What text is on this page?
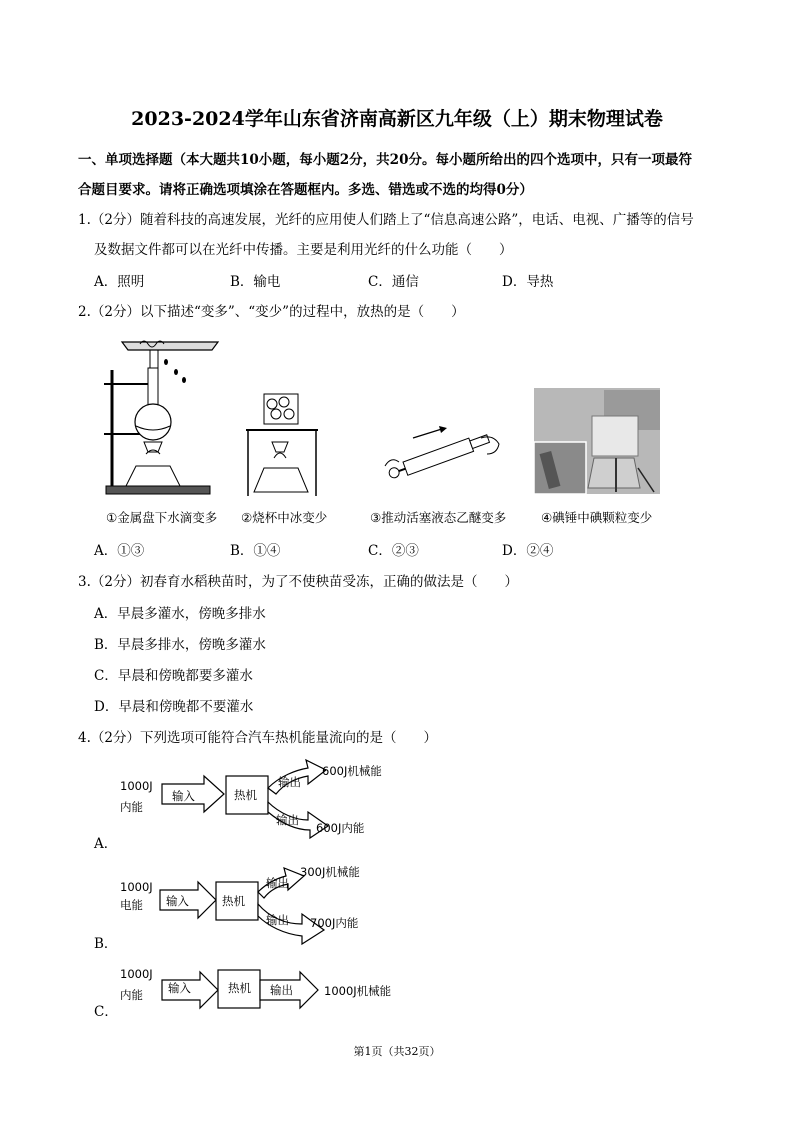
2023-2024学年山东省济南高新区九年级（上）期末物理试卷
一、单项选择题（本大题共10小题，每小题2分，共20分。每小题所给出的四个选项中，只有一项最符
合题目要求。请将正确选项填涂在答题框内。多选、错选或不选的均得0分）
1.（2分）随着科技的高速发展，光纤的应用使人们踏上了“信息高速公路”，电话、电视、广播等的信号
及数据文件都可以在光纤中传播。主要是利用光纤的什么功能（　　）
A．照明	B．输电	C．通信	D．导热
2.（2分）以下描述“变多”、“变少”的过程中，放热的是（　　）
①金属盘下水滴变多 ②烧杯中冰变少	③推动活塞液态乙醚变多	④碘锤中碘颗粒变少
A．①③	B．①④	C．②③	D．②④
3.（2分）初春育水稻秧苗时，为了不使秧苗受冻，正确的做法是（　　）
A．早晨多灌水，傍晚多排水
B．早晨多排水，傍晚多灌水
C．早晨和傍晚都要多灌水
D．早晨和傍晚都不要灌水
4.（2分）下列选项可能符合汽车热机能量流向的是（　　）
1000J
内能
输入	热机
输出
输出
600J机械能
600J内能
A．
1000J
电能 输入	热机
输出
输出
300J机械能
700J内能
B．
1000J
内能 输入	热机 输出	1000J机械能
C．
第1页（共32页）
